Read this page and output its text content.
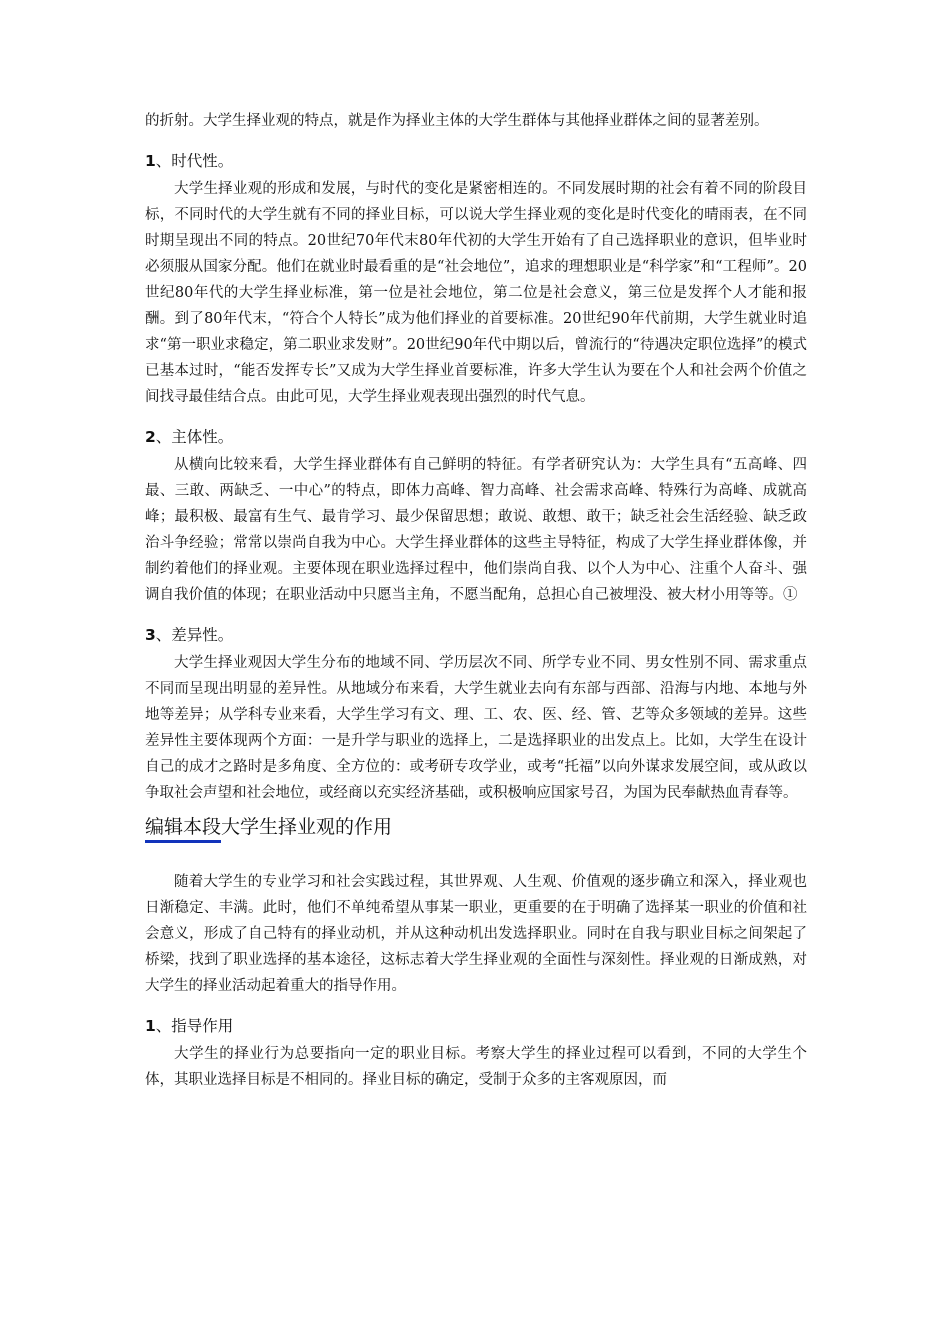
的折射。大学生择业观的特点，就是作为择业主体的大学生群体与其他择业群体之间的显著差别。

1、时代性。

大学生择业观的形成和发展，与时代的变化是紧密相连的。不同发展时期的社会有着不同的阶段目标，不同时代的大学生就有不同的择业目标，可以说大学生择业观的变化是时代变化的晴雨表，在不同时期呈现出不同的特点。20世纪70年代末80年代初的大学生开始有了自己选择职业的意识，但毕业时必须服从国家分配。他们在就业时最看重的是“社会地位”，追求的理想职业是“科学家”和“工程师”。20世纪80年代的大学生择业标准，第一位是社会地位，第二位是社会意义，第三位是发挥个人才能和报酬。到了80年代末，“符合个人特长”成为他们择业的首要标准。20世纪90年代前期，大学生就业时追求“第一职业求稳定，第二职业求发财”。20世纪90年代中期以后，曾流行的“待遇决定职位选择”的模式已基本过时，“能否发挥专长”又成为大学生择业首要标准，许多大学生认为要在个人和社会两个价值之间找寻最佳结合点。由此可见，大学生择业观表现出强烈的时代气息。

2、主体性。

从横向比较来看，大学生择业群体有自己鲜明的特征。有学者研究认为：大学生具有“五高峰、四最、三敢、两缺乏、一中心”的特点，即体力高峰、智力高峰、社会需求高峰、特殊行为高峰、成就高峰；最积极、最富有生气、最肯学习、最少保留思想；敢说、敢想、敢干；缺乏社会生活经验、缺乏政治斗争经验；常常以崇尚自我为中心。大学生择业群体的这些主导特征，构成了大学生择业群体像，并制约着他们的择业观。主要体现在职业选择过程中，他们崇尚自我、以个人为中心、注重个人奋斗、强调自我价值的体现；在职业活动中只愿当主角，不愿当配角，总担心自己被埋没、被大材小用等等。①

3、差异性。

大学生择业观因大学生分布的地域不同、学历层次不同、所学专业不同、男女性别不同、需求重点不同而呈现出明显的差异性。从地域分布来看，大学生就业去向有东部与西部、沿海与内地、本地与外地等差异；从学科专业来看，大学生学习有文、理、工、农、医、经、管、艺等众多领域的差异。这些差异性主要体现两个方面：一是升学与职业的选择上，二是选择职业的出发点上。比如，大学生在设计自己的成才之路时是多角度、全方位的：或考研专攻学业，或考“托福”以向外谋求发展空间，或从政以争取社会声望和社会地位，或经商以充实经济基础，或积极响应国家号召，为国为民奉献热血青春等。

编辑本段大学生择业观的作用

随着大学生的专业学习和社会实践过程，其世界观、人生观、价值观的逐步确立和深入，择业观也日渐稳定、丰满。此时，他们不单纯希望从事某一职业，更重要的在于明确了选择某一职业的价值和社会意义，形成了自己特有的择业动机，并从这种动机出发选择职业。同时在自我与职业目标之间架起了桥梁，找到了职业选择的基本途径，这标志着大学生择业观的全面性与深刻性。择业观的日渐成熟，对大学生的择业活动起着重大的指导作用。

1、指导作用

大学生的择业行为总要指向一定的职业目标。考察大学生的择业过程可以看到，不同的大学生个体，其职业选择目标是不相同的。择业目标的确定，受制于众多的主客观原因，而
